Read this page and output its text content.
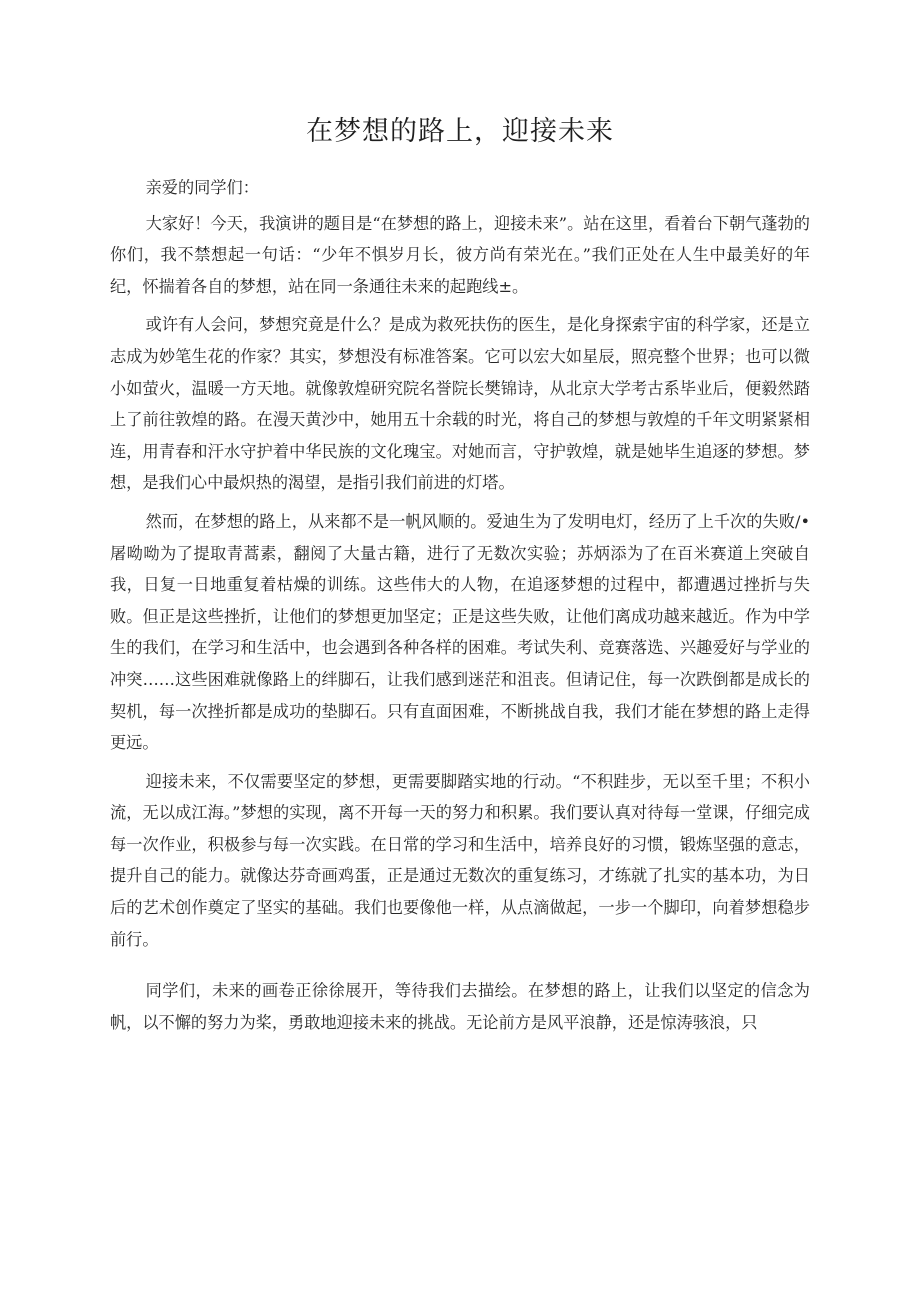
在梦想的路上，迎接未来

亲爱的同学们：

大家好！今天，我演讲的题目是“在梦想的路上，迎接未来”。站在这里，看着台下朝气蓬勃的你们，我不禁想起一句话：“少年不惧岁月长，彼方尚有荣光在。”我们正处在人生中最美好的年纪，怀揣着各自的梦想，站在同一条通往未来的起跑线±。

或许有人会问，梦想究竟是什么？是成为救死扶伤的医生，是化身探索宇宙的科学家，还是立志成为妙笔生花的作家？其实，梦想没有标准答案。它可以宏大如星辰，照亮整个世界；也可以微小如萤火，温暖一方天地。就像敦煌研究院名誉院长樊锦诗，从北京大学考古系毕业后，便毅然踏上了前往敦煌的路。在漫天黄沙中，她用五十余载的时光，将自己的梦想与敦煌的千年文明紧紧相连，用青春和汗水守护着中华民族的文化瑰宝。对她而言，守护敦煌，就是她毕生追逐的梦想。梦想，是我们心中最炽热的渴望，是指引我们前进的灯塔。

然而，在梦想的路上，从来都不是一帆风顺的。爱迪生为了发明电灯，经历了上千次的失败/•屠呦呦为了提取青蒿素，翻阅了大量古籍，进行了无数次实验；苏炳添为了在百米赛道上突破自我，日复一日地重复着枯燥的训练。这些伟大的人物，在追逐梦想的过程中，都遭遇过挫折与失败。但正是这些挫折，让他们的梦想更加坚定；正是这些失败，让他们离成功越来越近。作为中学生的我们，在学习和生活中，也会遇到各种各样的困难。考试失利、竞赛落选、兴趣爱好与学业的冲突……这些困难就像路上的绊脚石，让我们感到迷茫和沮丧。但请记住，每一次跌倒都是成长的契机，每一次挫折都是成功的垫脚石。只有直面困难，不断挑战自我，我们才能在梦想的路上走得更远。

迎接未来，不仅需要坚定的梦想，更需要脚踏实地的行动。“不积跬步，无以至千里；不积小流，无以成江海。”梦想的实现，离不开每一天的努力和积累。我们要认真对待每一堂课，仔细完成每一次作业，积极参与每一次实践。在日常的学习和生活中，培养良好的习惯，锻炼坚强的意志，提升自己的能力。就像达芬奇画鸡蛋，正是通过无数次的重复练习，才练就了扎实的基本功，为日后的艺术创作奠定了坚实的基础。我们也要像他一样，从点滴做起，一步一个脚印，向着梦想稳步前行。

同学们，未来的画卷正徐徐展开，等待我们去描绘。在梦想的路上，让我们以坚定的信念为帆，以不懈的努力为桨，勇敢地迎接未来的挑战。无论前方是风平浪静，还是惊涛骇浪，只
